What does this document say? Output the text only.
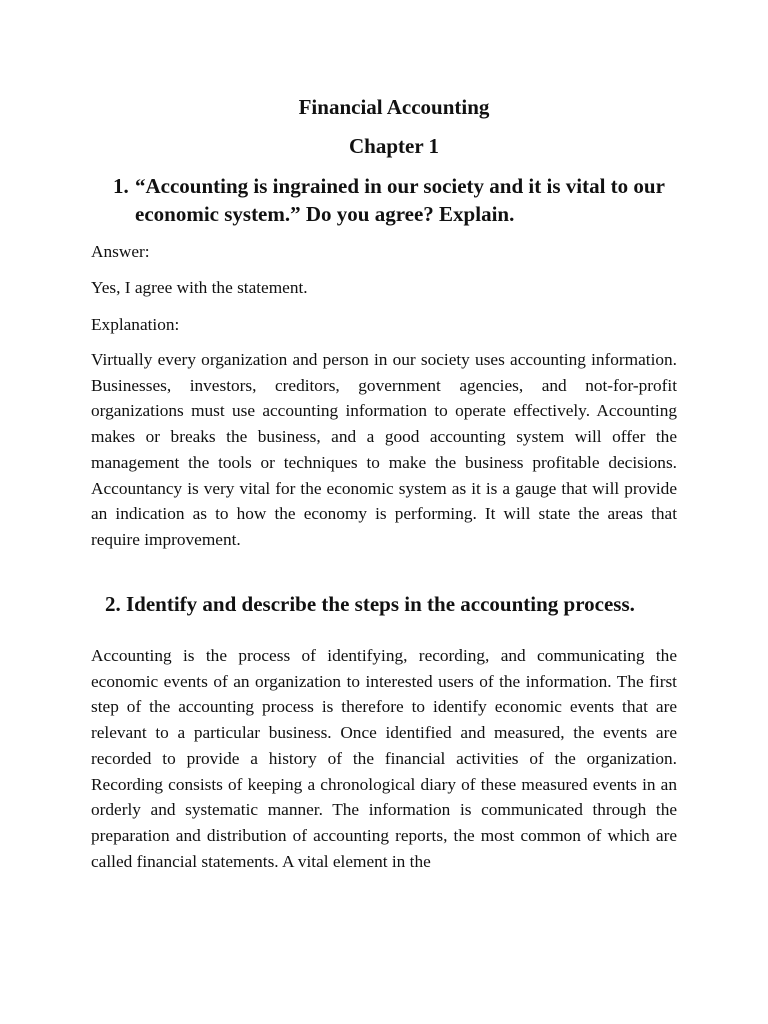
Financial Accounting
Chapter 1
1. “Accounting is ingrained in our society and it is vital to our economic system.” Do you agree? Explain.

Answer:

Yes, I agree with the statement.

Explanation:

Virtually every organization and person in our society uses accounting information. Businesses, investors, creditors, government agencies, and not-for-profit organizations must use accounting information to operate effectively. Accounting makes or breaks the business, and a good accounting system will offer the management the tools or techniques to make the business profitable decisions. Accountancy is very vital for the economic system as it is a gauge that will provide an indication as to how the economy is performing. It will state the areas that require improvement.

2. Identify and describe the steps in the accounting process.

Accounting is the process of identifying, recording, and communicating the economic events of an organization to interested users of the information. The first step of the accounting process is therefore to identify economic events that are relevant to a particular business. Once identified and measured, the events are recorded to provide a history of the financial activities of the organization. Recording consists of keeping a chronological diary of these measured events in an orderly and systematic manner. The information is communicated through the preparation and distribution of accounting reports, the most common of which are called financial statements. A vital element in the
